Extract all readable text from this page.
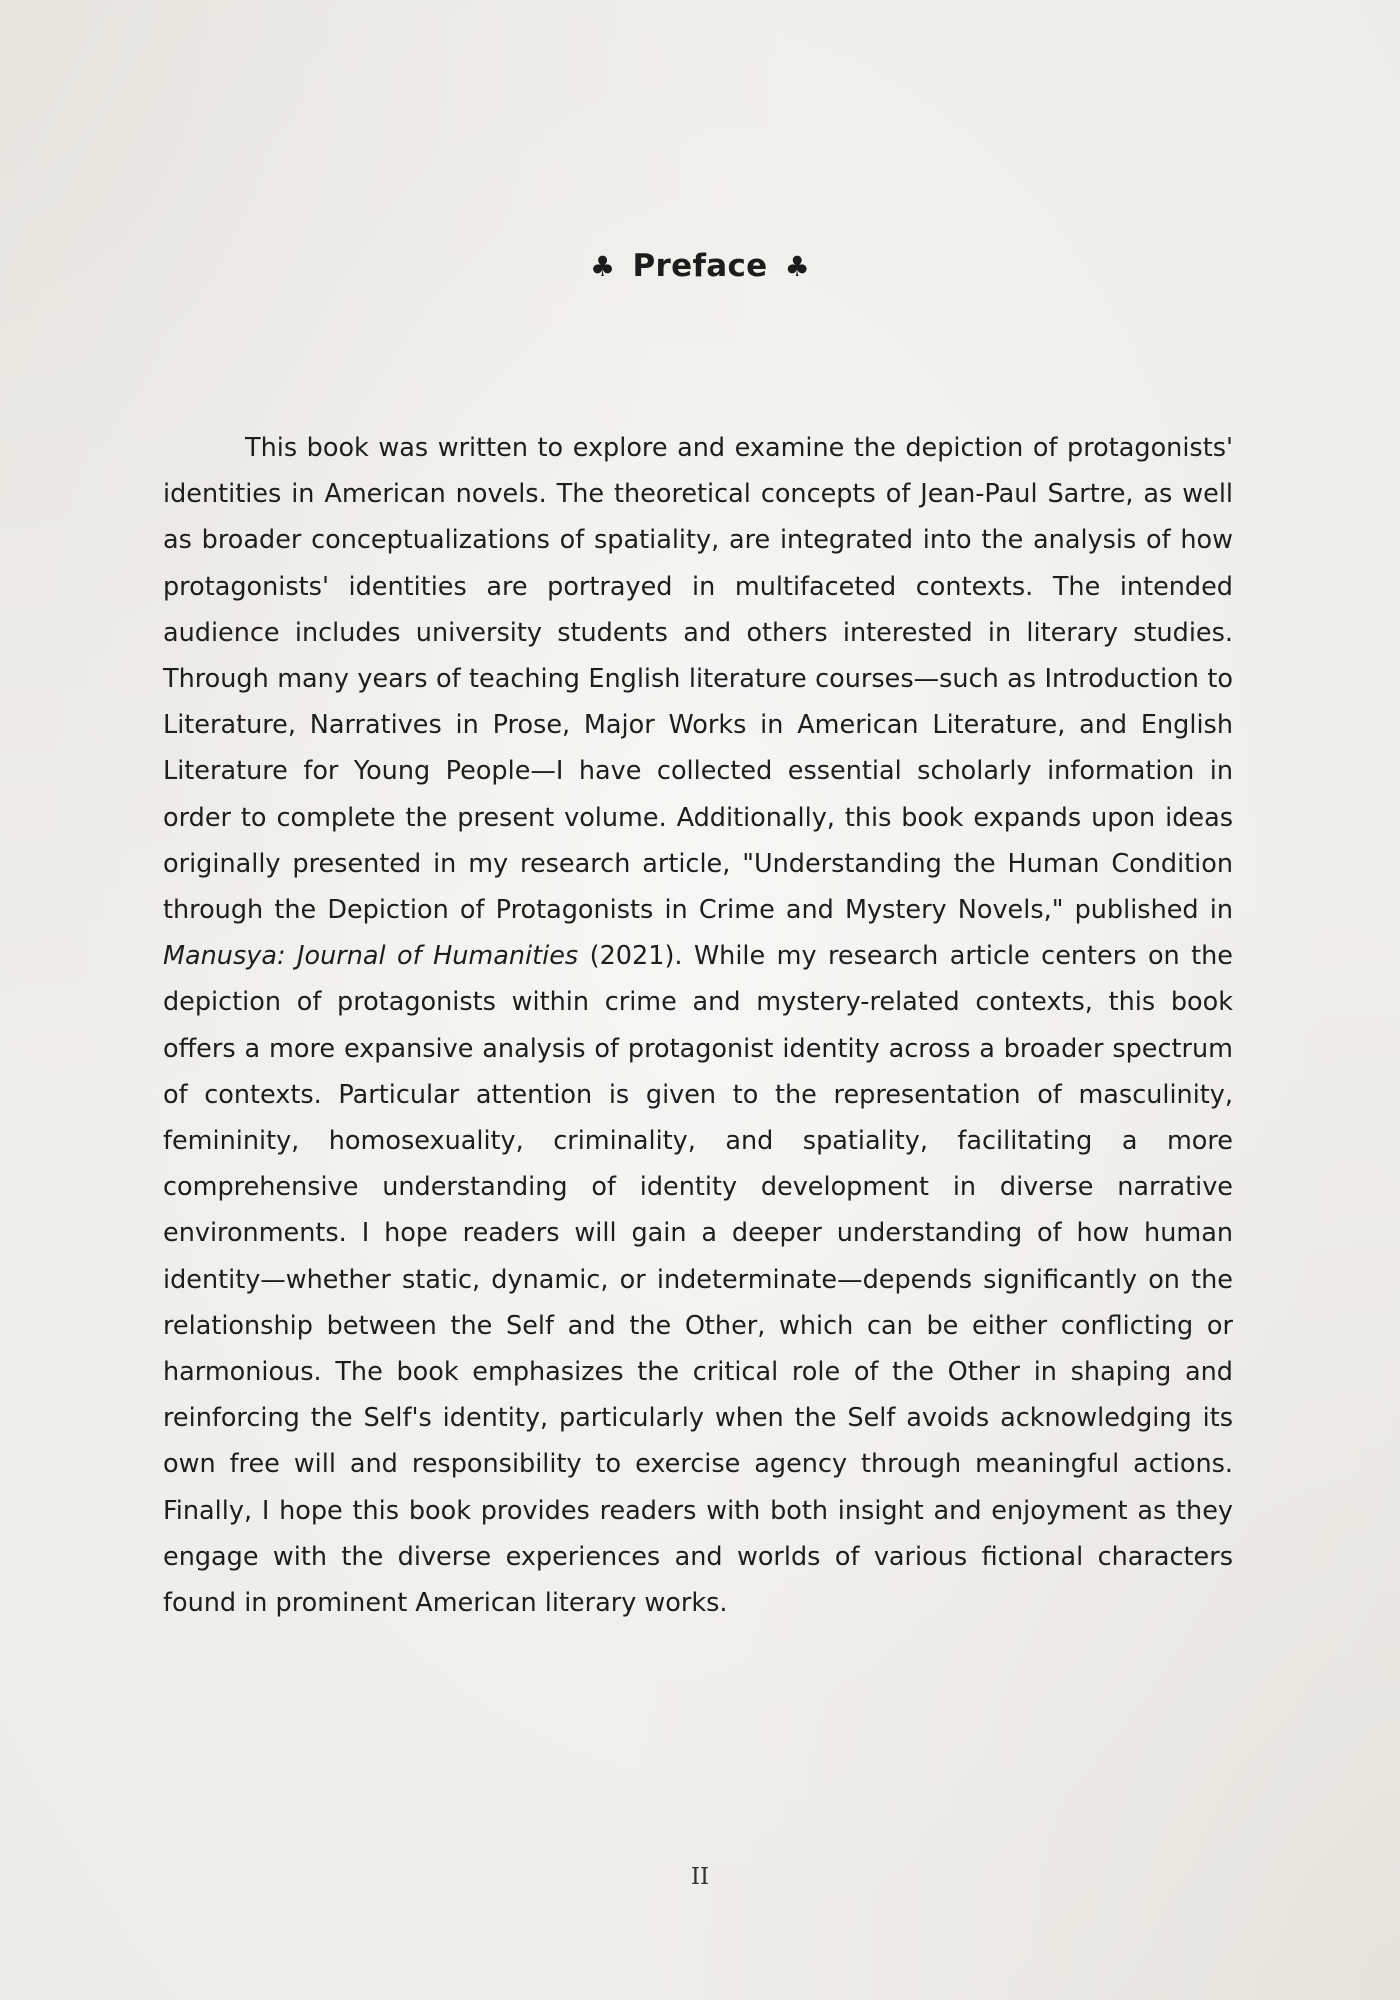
♣ Preface ♣

This book was written to explore and examine the depiction of protagonists' identities in American novels. The theoretical concepts of Jean-Paul Sartre, as well as broader conceptualizations of spatiality, are integrated into the analysis of how protagonists' identities are portrayed in multifaceted contexts. The intended audience includes university students and others interested in literary studies. Through many years of teaching English literature courses—such as Introduction to Literature, Narratives in Prose, Major Works in American Literature, and English Literature for Young People—I have collected essential scholarly information in order to complete the present volume. Additionally, this book expands upon ideas originally presented in my research article, "Understanding the Human Condition through the Depiction of Protagonists in Crime and Mystery Novels," published in Manusya: Journal of Humanities (2021). While my research article centers on the depiction of protagonists within crime and mystery-related contexts, this book offers a more expansive analysis of protagonist identity across a broader spectrum of contexts. Particular attention is given to the representation of masculinity, femininity, homosexuality, criminality, and spatiality, facilitating a more comprehensive understanding of identity development in diverse narrative environments. I hope readers will gain a deeper understanding of how human identity—whether static, dynamic, or indeterminate—depends significantly on the relationship between the Self and the Other, which can be either conflicting or harmonious. The book emphasizes the critical role of the Other in shaping and reinforcing the Self's identity, particularly when the Self avoids acknowledging its own free will and responsibility to exercise agency through meaningful actions. Finally, I hope this book provides readers with both insight and enjoyment as they engage with the diverse experiences and worlds of various fictional characters found in prominent American literary works.

II
